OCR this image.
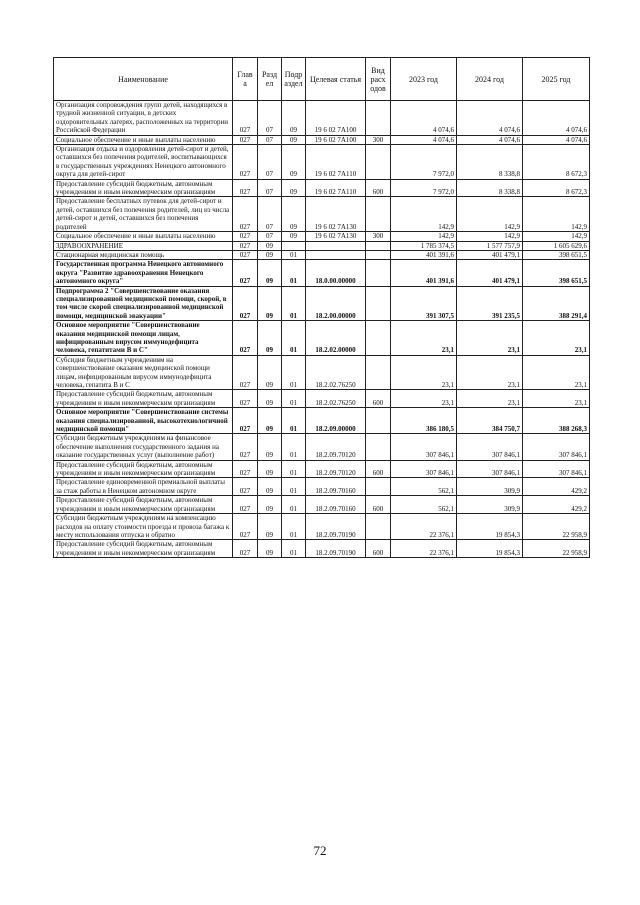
Наименование	Глав а	Разд ел	Подр аздел	Целевая статья	Вид расх одов	2023 год	2024 год	2025 год
Организация сопровождения групп детей, находящихся в трудной жизненной ситуации, в детских оздоровительных лагерях, расположенных на территории Российской Федерации	027	07	09	19 6 02 7А100		4 074,6	4 074,6	4 074,6
Социальное обеспечение и иные выплаты населению	027	07	09	19 6 02 7А100	300	4 074,6	4 074,6	4 074,6
Организация отдыха и оздоровления детей-сирот и детей, оставшихся без попечения родителей, воспитывающихся в государственных учреждениях Ненецкого автономного округа для детей-сирот	027	07	09	19 6 02 7А110		7 972,0	8 338,8	8 672,3
Предоставление субсидий бюджетным, автономным учреждениям и иным некоммерческим организациям	027	07	09	19 6 02 7А110	600	7 972,0	8 338,8	8 672,3
Предоставление бесплатных путевок для детей-сирот и детей, оставшихся без попечения родителей, лиц из числа детей-сирот и детей, оставшихся без попечения родителей	027	07	09	19 6 02 7А130		142,9	142,9	142,9
Социальное обеспечение и иные выплаты населению	027	07	09	19 6 02 7А130	300	142,9	142,9	142,9
ЗДРАВООХРАНЕНИЕ	027	09				1 785 374,5	1 577 757,9	1 605 629,6
Стационарная медицинская помощь	027	09	01			401 391,6	401 479,1	398 651,5
Государственная программа Ненецкого автономного округа "Развитие здравоохранения Ненецкого автономного округа"	027	09	01	18.0.00.00000		401 391,6	401 479,1	398 651,5
Подпрограмма 2 "Совершенствование оказания специализированной медицинской помощи, скорой, в том числе скорой специализированной медицинской помощи, медицинской эвакуации"	027	09	01	18.2.00.00000		391 307,5	391 235,5	388 291,4
Основное мероприятие "Совершенствование оказания медицинской помощи лицам, инфицированным вирусом иммунодефицита человека, гепатитами В и С"	027	09	01	18.2.02.00000		23,1	23,1	23,1
Субсидия бюджетным учреждениям на совершенствование оказания медицинской помощи лицам, инфицированным вирусом иммунодефицита человека, гепатита В и С	027	09	01	18.2.02.76250		23,1	23,1	23,1
Предоставление субсидий бюджетным, автономным учреждениям и иным некоммерческим организациям	027	09	01	18.2.02.76250	600	23,1	23,1	23,1
Основное мероприятие "Совершенствование системы оказания специализированной, высокотехнологичной медицинской помощи"	027	09	01	18.2.09.00000		386 180,5	384 750,7	388 268,3
Субсидии бюджетным учреждениям на финансовое обеспечение выполнения государственного задания на оказание государственных услуг (выполнение работ)	027	09	01	18.2.09.70120		307 846,1	307 846,1	307 846,1
Предоставление субсидий бюджетным, автономным учреждениям и иным некоммерческим организациям	027	09	01	18.2.09.70120	600	307 846,1	307 846,1	307 846,1
Предоставление единовременной премиальной выплаты за стаж работы в Ненецком автономном округе	027	09	01	18.2.09.70160		562,1	309,9	429,2
Предоставление субсидий бюджетным, автономным учреждениям и иным некоммерческим организациям	027	09	01	18.2.09.70160	600	562,1	309,9	429,2
Субсидии бюджетным учреждениям на компенсацию расходов на оплату стоимости проезда и провоза багажа к месту использования отпуска и обратно	027	09	01	18.2.09.70190		22 376,1	19 854,3	22 958,9
Предоставление субсидий бюджетным, автономным учреждениям и иным некоммерческим организациям	027	09	01	18.2.09.70190	600	22 376,1	19 854,3	22 958,9
72
